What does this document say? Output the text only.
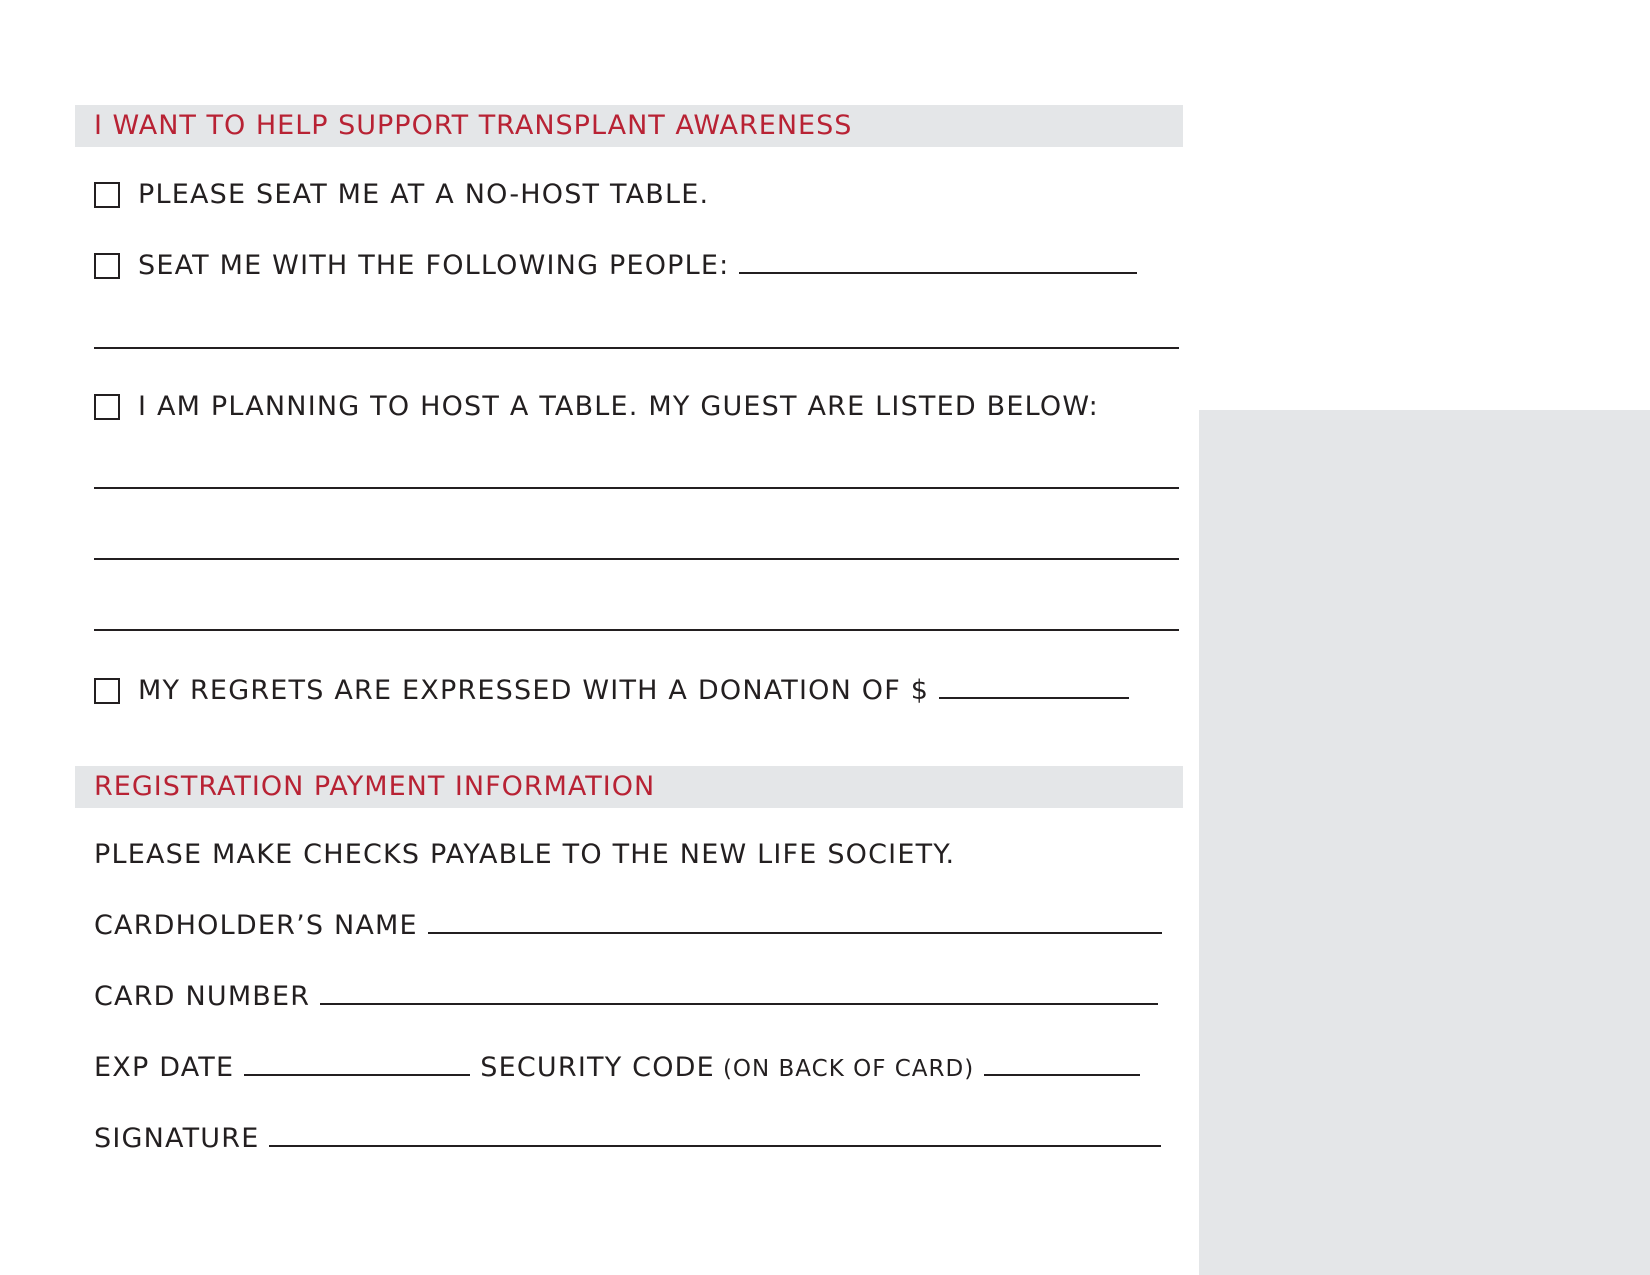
I WANT TO HELP SUPPORT TRANSPLANT AWARENESS
PLEASE SEAT ME AT A NO-HOST TABLE.
SEAT ME WITH THE FOLLOWING PEOPLE:
I AM PLANNING TO HOST A TABLE. MY GUEST ARE LISTED BELOW:
MY REGRETS ARE EXPRESSED WITH A DONATION OF $
REGISTRATION PAYMENT INFORMATION
PLEASE MAKE CHECKS PAYABLE TO THE NEW LIFE SOCIETY.
CARDHOLDER’S NAME
CARD NUMBER
EXP DATE	SECURITY CODE (ON BACK OF CARD)
SIGNATURE
